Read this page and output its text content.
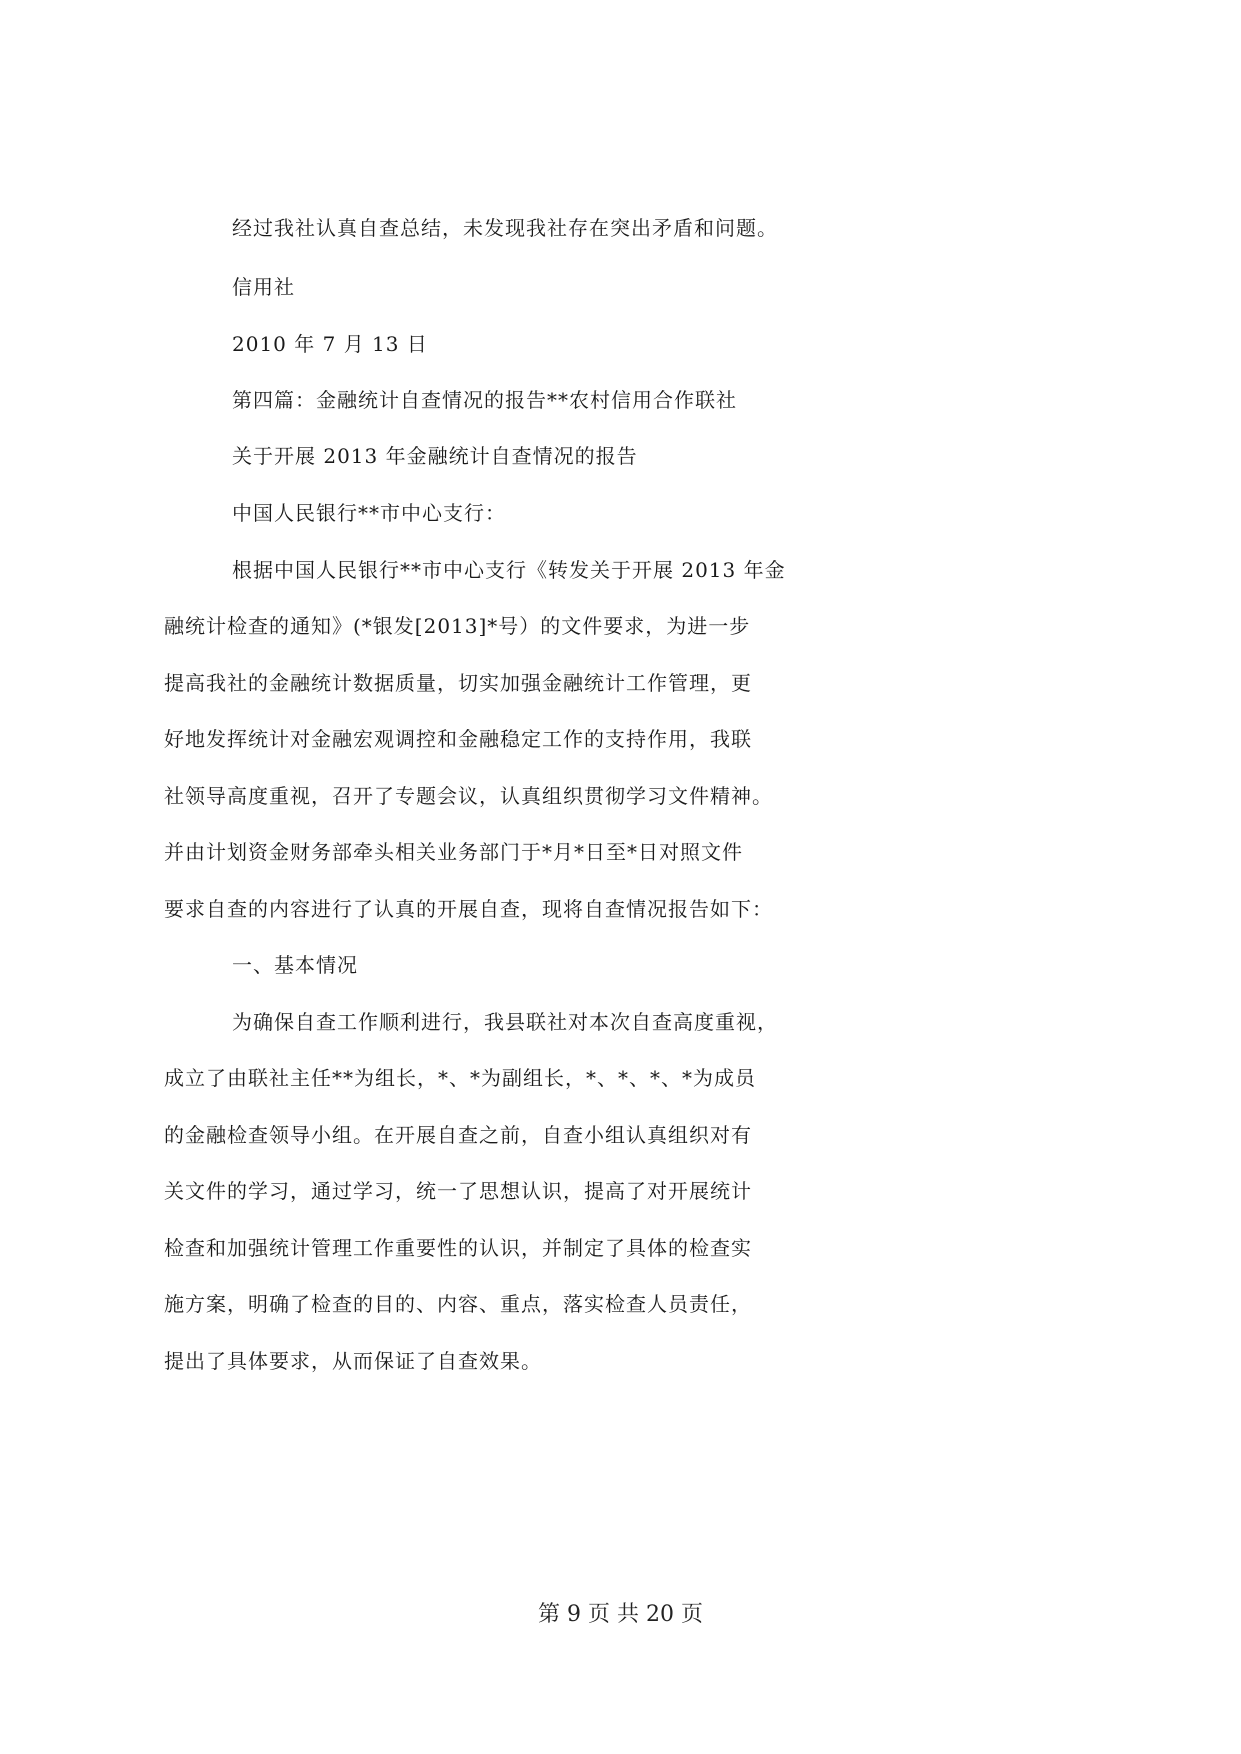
经过我社认真自查总结，未发现我社存在突出矛盾和问题。
信用社
2010 年 7 月 13 日
第四篇：金融统计自查情况的报告**农村信用合作联社
关于开展 2013 年金融统计自查情况的报告
中国人民银行**市中心支行：
根据中国人民银行**市中心支行《转发关于开展 2013 年金
融统计检查的通知》(*银发[2013]*号）的文件要求，为进一步
提高我社的金融统计数据质量，切实加强金融统计工作管理，更
好地发挥统计对金融宏观调控和金融稳定工作的支持作用，我联
社领导高度重视，召开了专题会议，认真组织贯彻学习文件精神。
并由计划资金财务部牵头相关业务部门于*月*日至*日对照文件
要求自查的内容进行了认真的开展自查，现将自查情况报告如下：
一、基本情况
为确保自查工作顺利进行，我县联社对本次自查高度重视，
成立了由联社主任**为组长，*、*为副组长，*、*、*、*为成员
的金融检查领导小组。在开展自查之前，自查小组认真组织对有
关文件的学习，通过学习，统一了思想认识，提高了对开展统计
检查和加强统计管理工作重要性的认识，并制定了具体的检查实
施方案，明确了检查的目的、内容、重点，落实检查人员责任，
提出了具体要求，从而保证了自查效果。
第 9 页 共 20 页
